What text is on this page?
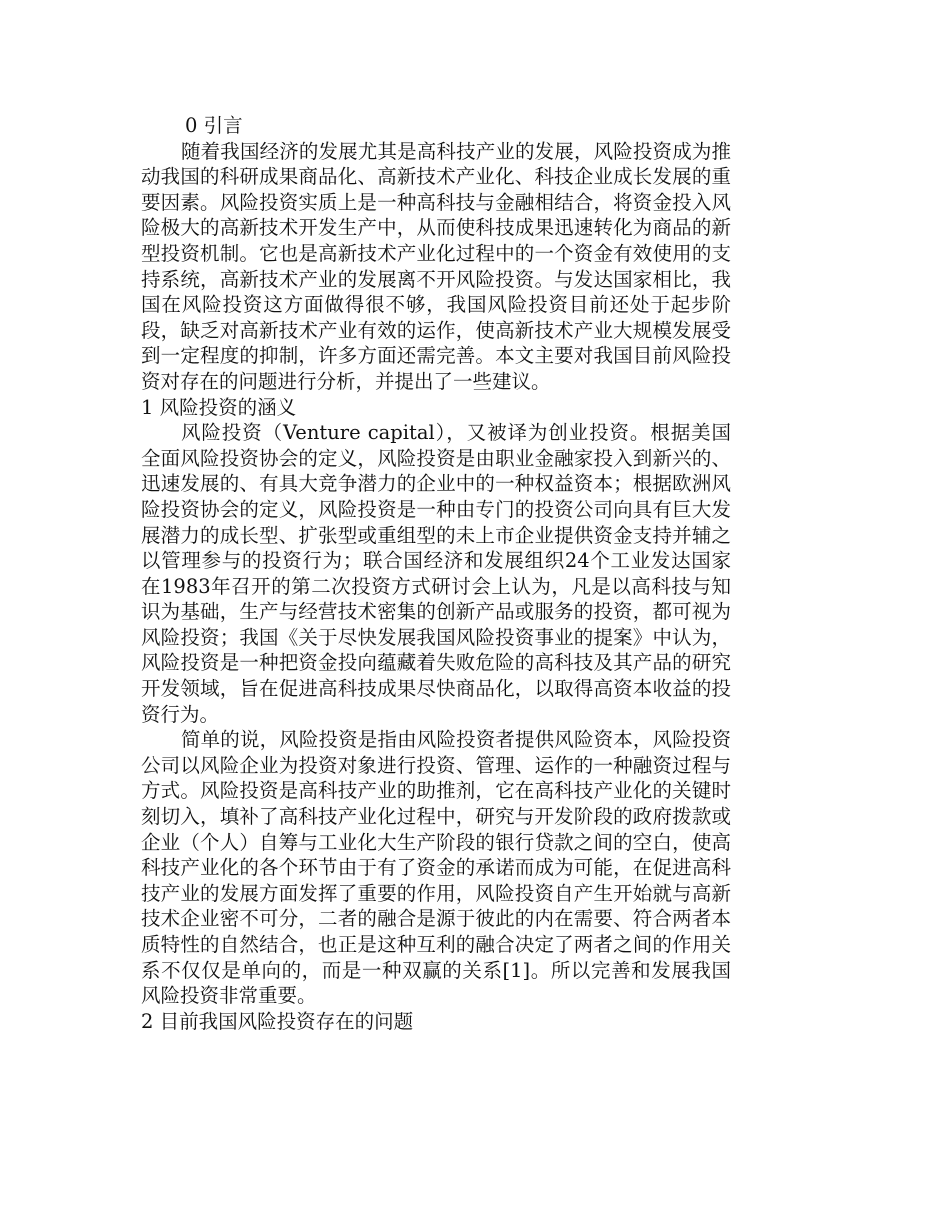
0 引言

随着我国经济的发展尤其是高科技产业的发展，风险投资成为推动我国的科研成果商品化、高新技术产业化、科技企业成长发展的重要因素。风险投资实质上是一种高科技与金融相结合，将资金投入风险极大的高新技术开发生产中，从而使科技成果迅速转化为商品的新型投资机制。它也是高新技术产业化过程中的一个资金有效使用的支持系统，高新技术产业的发展离不开风险投资。与发达国家相比，我国在风险投资这方面做得很不够，我国风险投资目前还处于起步阶段，缺乏对高新技术产业有效的运作，使高新技术产业大规模发展受到一定程度的抑制，许多方面还需完善。本文主要对我国目前风险投资对存在的问题进行分析，并提出了一些建议。

1 风险投资的涵义

风险投资（Venture capital），又被译为创业投资。根据美国全面风险投资协会的定义，风险投资是由职业金融家投入到新兴的、迅速发展的、有具大竞争潜力的企业中的一种权益资本；根据欧洲风险投资协会的定义，风险投资是一种由专门的投资公司向具有巨大发展潜力的成长型、扩张型或重组型的未上市企业提供资金支持并辅之以管理参与的投资行为；联合国经济和发展组织24个工业发达国家在1983年召开的第二次投资方式研讨会上认为，凡是以高科技与知识为基础，生产与经营技术密集的创新产品或服务的投资，都可视为风险投资；我国《关于尽快发展我国风险投资事业的提案》中认为，风险投资是一种把资金投向蕴藏着失败危险的高科技及其产品的研究开发领域，旨在促进高科技成果尽快商品化，以取得高资本收益的投资行为。

简单的说，风险投资是指由风险投资者提供风险资本，风险投资公司以风险企业为投资对象进行投资、管理、运作的一种融资过程与方式。风险投资是高科技产业的助推剂，它在高科技产业化的关键时刻切入，填补了高科技产业化过程中，研究与开发阶段的政府拨款或企业（个人）自筹与工业化大生产阶段的银行贷款之间的空白，使高科技产业化的各个环节由于有了资金的承诺而成为可能，在促进高科技产业的发展方面发挥了重要的作用，风险投资自产生开始就与高新技术企业密不可分，二者的融合是源于彼此的内在需要、符合两者本质特性的自然结合，也正是这种互利的融合决定了两者之间的作用关系不仅仅是单向的，而是一种双赢的关系[1]。所以完善和发展我国风险投资非常重要。

2 目前我国风险投资存在的问题
